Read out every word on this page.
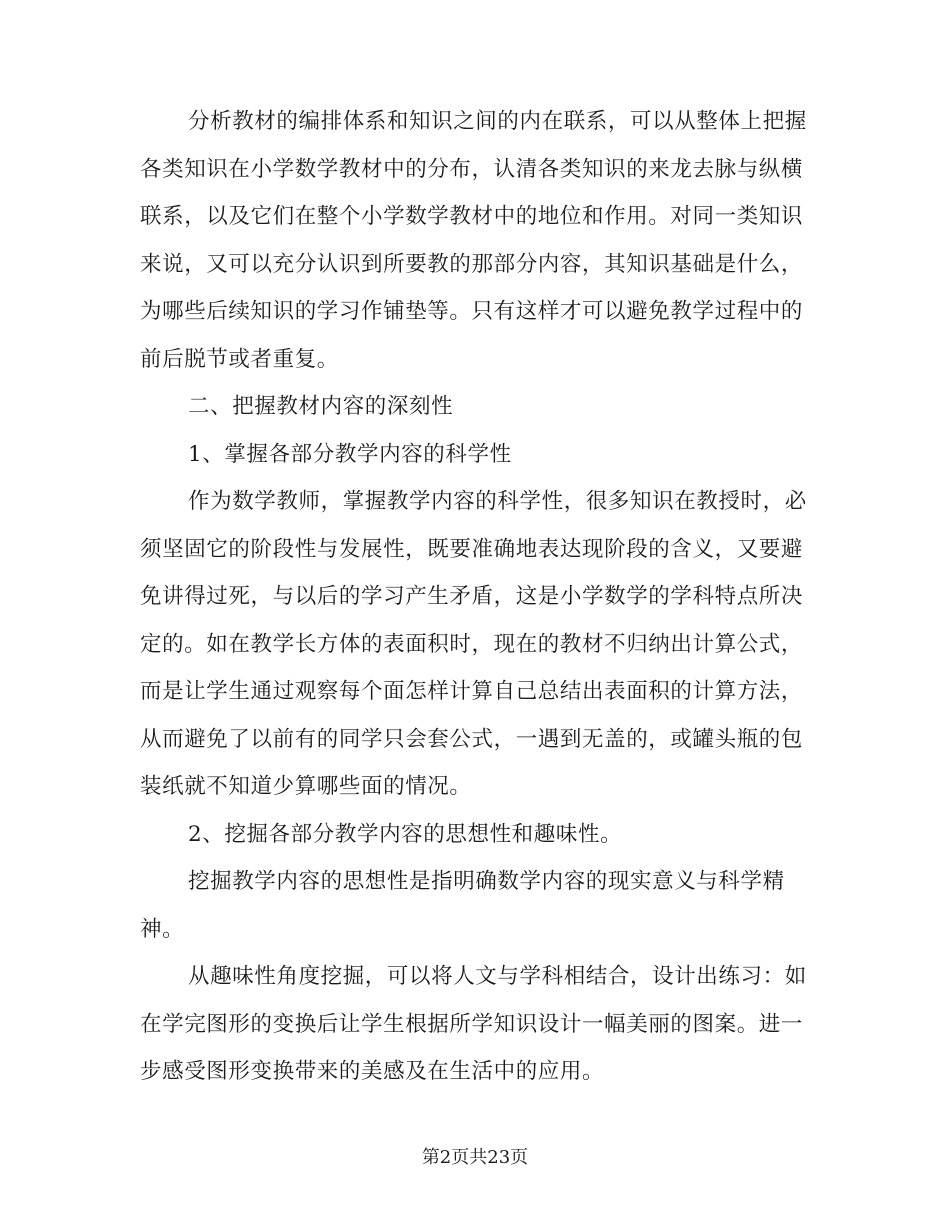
分析教材的编排体系和知识之间的内在联系，可以从整体上把握
各类知识在小学数学教材中的分布，认清各类知识的来龙去脉与纵横
联系，以及它们在整个小学数学教材中的地位和作用。对同一类知识
来说，又可以充分认识到所要教的那部分内容，其知识基础是什么，
为哪些后续知识的学习作铺垫等。只有这样才可以避免教学过程中的
前后脱节或者重复。
二、把握教材内容的深刻性
1、掌握各部分教学内容的科学性
作为数学教师，掌握教学内容的科学性，很多知识在教授时，必
须坚固它的阶段性与发展性，既要准确地表达现阶段的含义，又要避
免讲得过死，与以后的学习产生矛盾，这是小学数学的学科特点所决
定的。如在教学长方体的表面积时，现在的教材不归纳出计算公式，
而是让学生通过观察每个面怎样计算自己总结出表面积的计算方法，
从而避免了以前有的同学只会套公式，一遇到无盖的，或罐头瓶的包
装纸就不知道少算哪些面的情况。
2、挖掘各部分教学内容的思想性和趣味性。
挖掘教学内容的思想性是指明确数学内容的现实意义与科学精
神。
从趣味性角度挖掘，可以将人文与学科相结合，设计出练习：如
在学完图形的变换后让学生根据所学知识设计一幅美丽的图案。进一
步感受图形变换带来的美感及在生活中的应用。
第2页共23页
